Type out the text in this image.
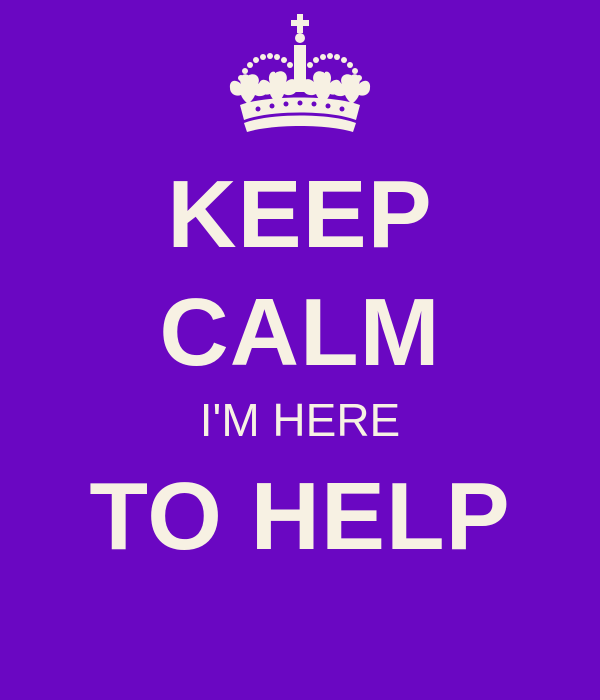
KEEP
CALM
I'M HERE
TO HELP
